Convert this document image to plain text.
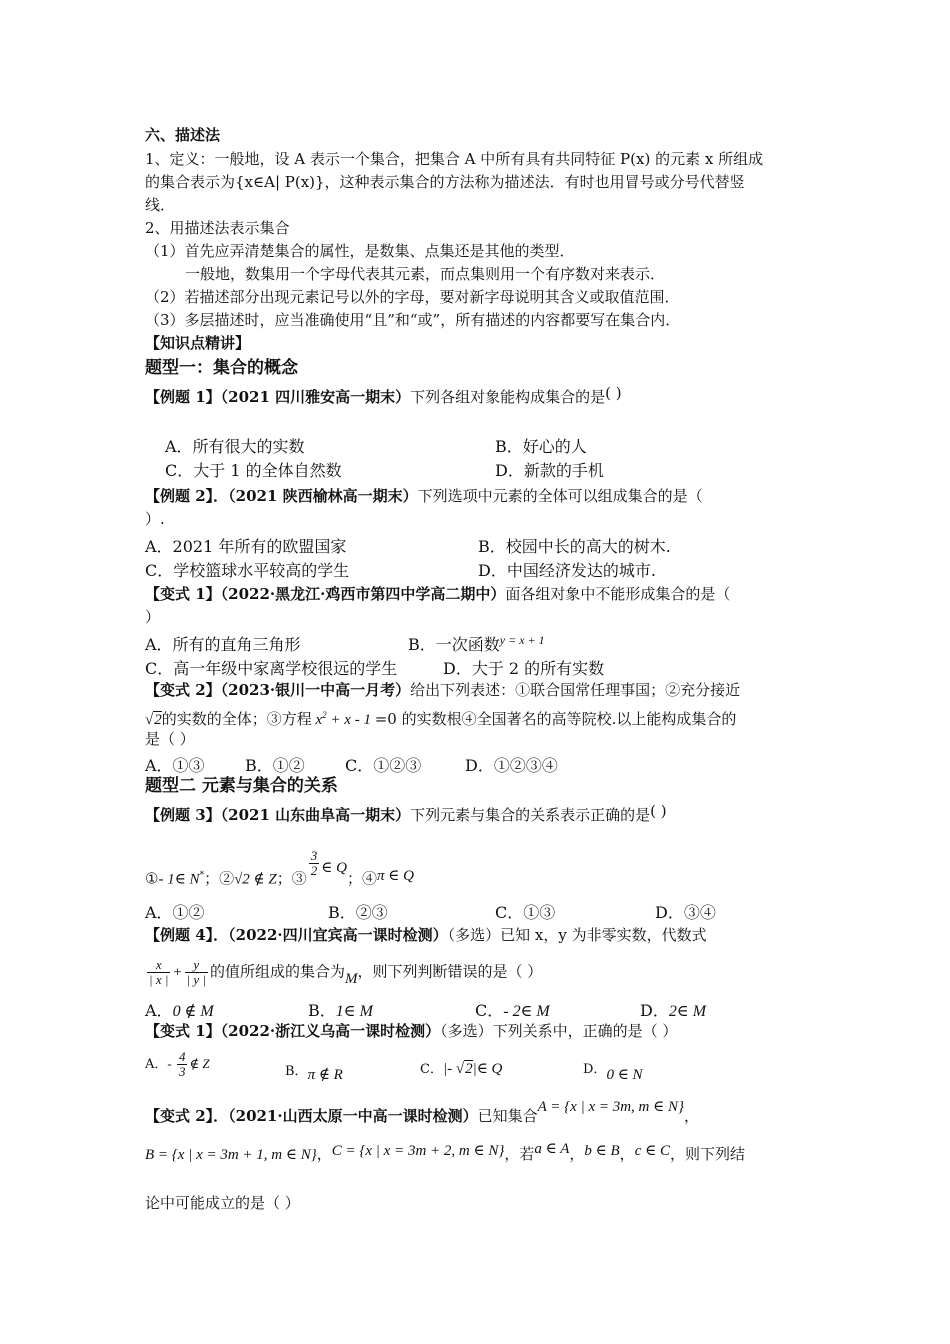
六、描述法
1、定义：一般地，设 A 表示一个集合，把集合 A 中所有具有共同特征 P(x) 的元素 x 所组成
的集合表示为{x∈A| P(x)}，这种表示集合的方法称为描述法．有时也用冒号或分号代替竖
线．
2、用描述法表示集合
（1）首先应弄清楚集合的属性，是数集、点集还是其他的类型．
一般地，数集用一个字母代表其元素，而点集则用一个有序数对来表示．
（2）若描述部分出现元素记号以外的字母，要对新字母说明其含义或取值范围．
（3）多层描述时，应当准确使用“且”和“或”，所有描述的内容都要写在集合内．
【知识点精讲】
题型一：集合的概念
【例题 1】（2021 四川雅安高一期末）下列各组对象能构成集合的是( )
A．所有很大的实数	B．好心的人
C．大于 1 的全体自然数	D．新款的手机
【例题 2】．（2021 陕西榆林高一期末）下列选项中元素的全体可以组成集合的是（
）.
A．2021 年所有的欧盟国家	B．校园中长的高大的树木.
C．学校篮球水平较高的学生	D．中国经济发达的城市.
【变式 1】（2022·黑龙江·鸡西市第四中学高二期中）面各组对象中不能形成集合的是（
）
A．所有的直角三角形	B．一次函数$^{y = x + 1}$
C．高一年级中家离学校很远的学生	D．大于 2 的所有实数
【变式 2】（2023·银川一中高一月考）给出下列表述：①联合国常任理事国；②充分接近
√2的实数的全体；③方程 $x^2 + x - 1 =0$ 的实数根④全国著名的高等院校.以上能构成集合的
是（ ）
A．①③	B．①②	C．①②③	D．①②③④
题型二 元素与集合的关系
【例题 3】（2021 山东曲阜高一期末）下列元素与集合的关系表示正确的是( )
①- 1∈ N*；②√2 ∉ Z；③
$\frac{3}{2}$ ∈ Q；④π ∈ Q
A．①②	B．②③	C．①③	D．③④
【例题 4】．（2022·四川宜宾高一课时检测）（多选）已知 x，y 为非零实数，代数式
$\frac{x}{| x |} + \frac{y}{| y |}$ 的值所组成的集合为M，则下列判断错误的是（ ）
A．0 ∉ M	B．1∈ M	C．- 2∈ M	D．2∈ M
【变式 1】（2022·浙江义乌高一课时检测）（多选）下列关系中，正确的是（ ）
A．- $\frac{4}{3}$ ∉ Z
B．π ∉ R	C．|- √2|∈ Q	D．0 ∈ N
【变式 2】．（2021·山西太原一中高一课时检测）已知集合A = {x | x = 3m, m ∈ N}，
B = {x | x = 3m + 1, m ∈ N}，C = {x | x = 3m + 2, m ∈ N}，若a ∈ A，b ∈ B，c ∈ C，则下列结
论中可能成立的是（ ）
